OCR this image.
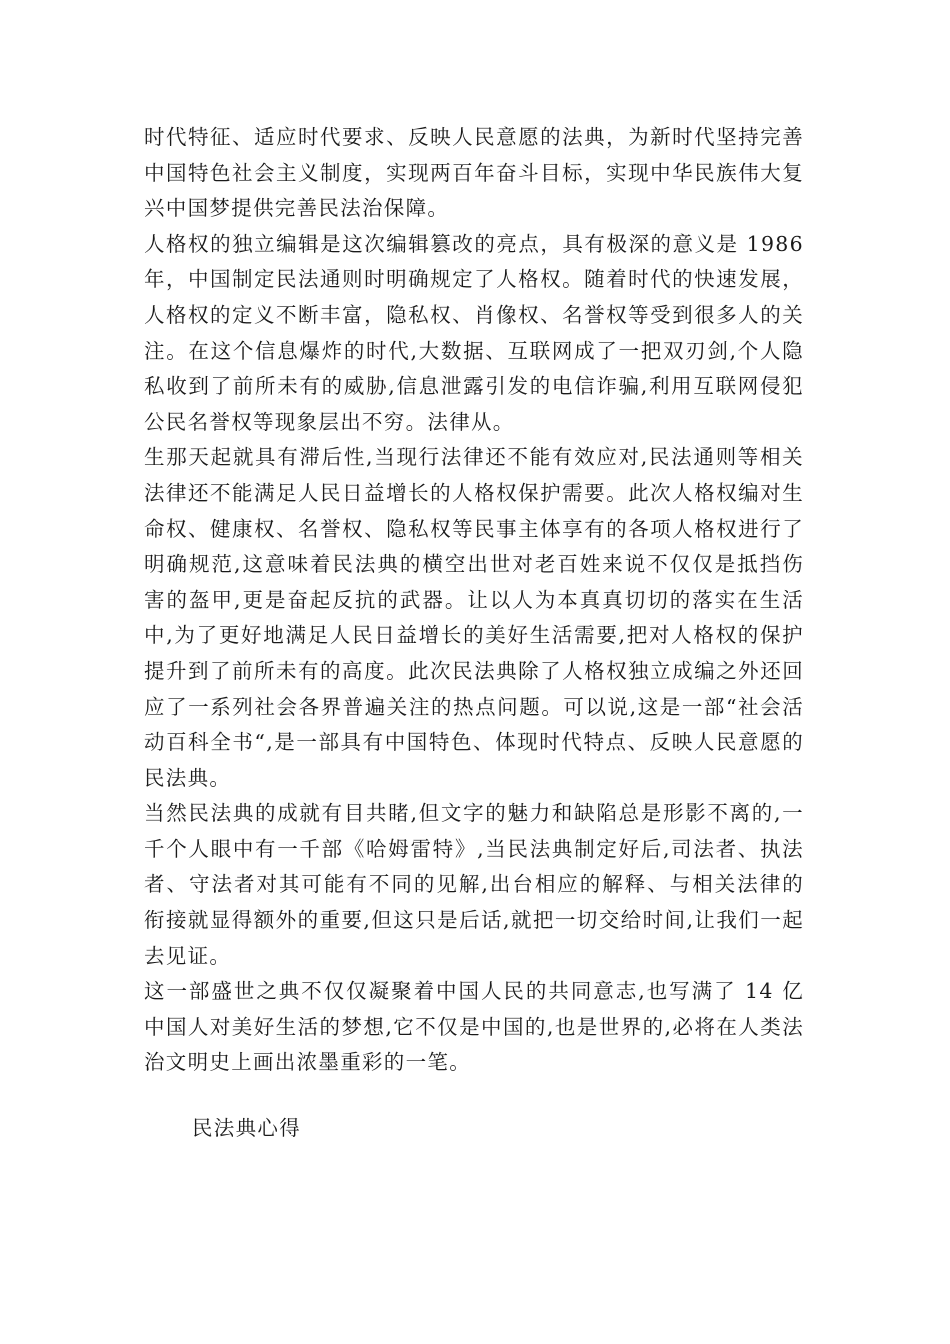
时代特征、适应时代要求、反映人民意愿的法典，为新时代坚持完善中国特色社会主义制度，实现两百年奋斗目标，实现中华民族伟大复兴中国梦提供完善民法治保障。

人格权的独立编辑是这次编辑篡改的亮点，具有极深的意义是 1986 年，中国制定民法通则时明确规定了人格权。随着时代的快速发展，人格权的定义不断丰富，隐私权、肖像权、名誉权等受到很多人的关注。在这个信息爆炸的时代,大数据、互联网成了一把双刃剑,个人隐私收到了前所未有的威胁,信息泄露引发的电信诈骗,利用互联网侵犯公民名誉权等现象层出不穷。法律从。

生那天起就具有滞后性,当现行法律还不能有效应对,民法通则等相关法律还不能满足人民日益增长的人格权保护需要。此次人格权编对生命权、健康权、名誉权、隐私权等民事主体享有的各项人格权进行了明确规范,这意味着民法典的横空出世对老百姓来说不仅仅是抵挡伤害的盔甲,更是奋起反抗的武器。让以人为本真真切切的落实在生活中,为了更好地满足人民日益增长的美好生活需要,把对人格权的保护提升到了前所未有的高度。此次民法典除了人格权独立成编之外还回应了一系列社会各界普遍关注的热点问题。可以说,这是一部“社会活动百科全书“,是一部具有中国特色、体现时代特点、反映人民意愿的民法典。

当然民法典的成就有目共睹,但文字的魅力和缺陷总是形影不离的,一千个人眼中有一千部《哈姆雷特》,当民法典制定好后,司法者、执法者、守法者对其可能有不同的见解,出台相应的解释、与相关法律的衔接就显得额外的重要,但这只是后话,就把一切交给时间,让我们一起去见证。

这一部盛世之典不仅仅凝聚着中国人民的共同意志,也写满了 14 亿中国人对美好生活的梦想,它不仅是中国的,也是世界的,必将在人类法治文明史上画出浓墨重彩的一笔。

民法典心得
